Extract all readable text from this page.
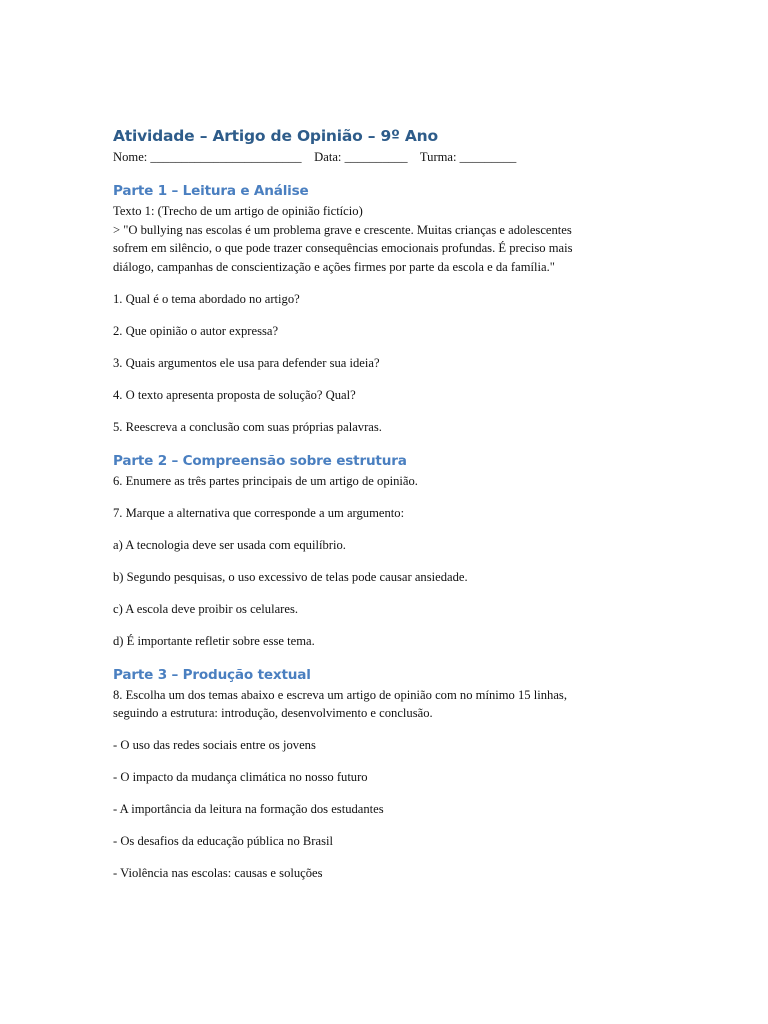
Atividade – Artigo de Opinião – 9º Ano

Nome: ________________________    Data: __________    Turma: _________

Parte 1 – Leitura e Análise

Texto 1: (Trecho de um artigo de opinião fictício)

> "O bullying nas escolas é um problema grave e crescente. Muitas crianças e adolescentes

sofrem em silêncio, o que pode trazer consequências emocionais profundas. É preciso mais

diálogo, campanhas de conscientização e ações firmes por parte da escola e da família."

1. Qual é o tema abordado no artigo?

2. Que opinião o autor expressa?

3. Quais argumentos ele usa para defender sua ideia?

4. O texto apresenta proposta de solução? Qual?

5. Reescreva a conclusão com suas próprias palavras.

Parte 2 – Compreensão sobre estrutura

6. Enumere as três partes principais de um artigo de opinião.

7. Marque a alternativa que corresponde a um argumento:

a) A tecnologia deve ser usada com equilíbrio.

b) Segundo pesquisas, o uso excessivo de telas pode causar ansiedade.

c) A escola deve proibir os celulares.

d) É importante refletir sobre esse tema.

Parte 3 – Produção textual

8. Escolha um dos temas abaixo e escreva um artigo de opinião com no mínimo 15 linhas,

seguindo a estrutura: introdução, desenvolvimento e conclusão.

- O uso das redes sociais entre os jovens

- O impacto da mudança climática no nosso futuro

- A importância da leitura na formação dos estudantes

- Os desafios da educação pública no Brasil

- Violência nas escolas: causas e soluções
